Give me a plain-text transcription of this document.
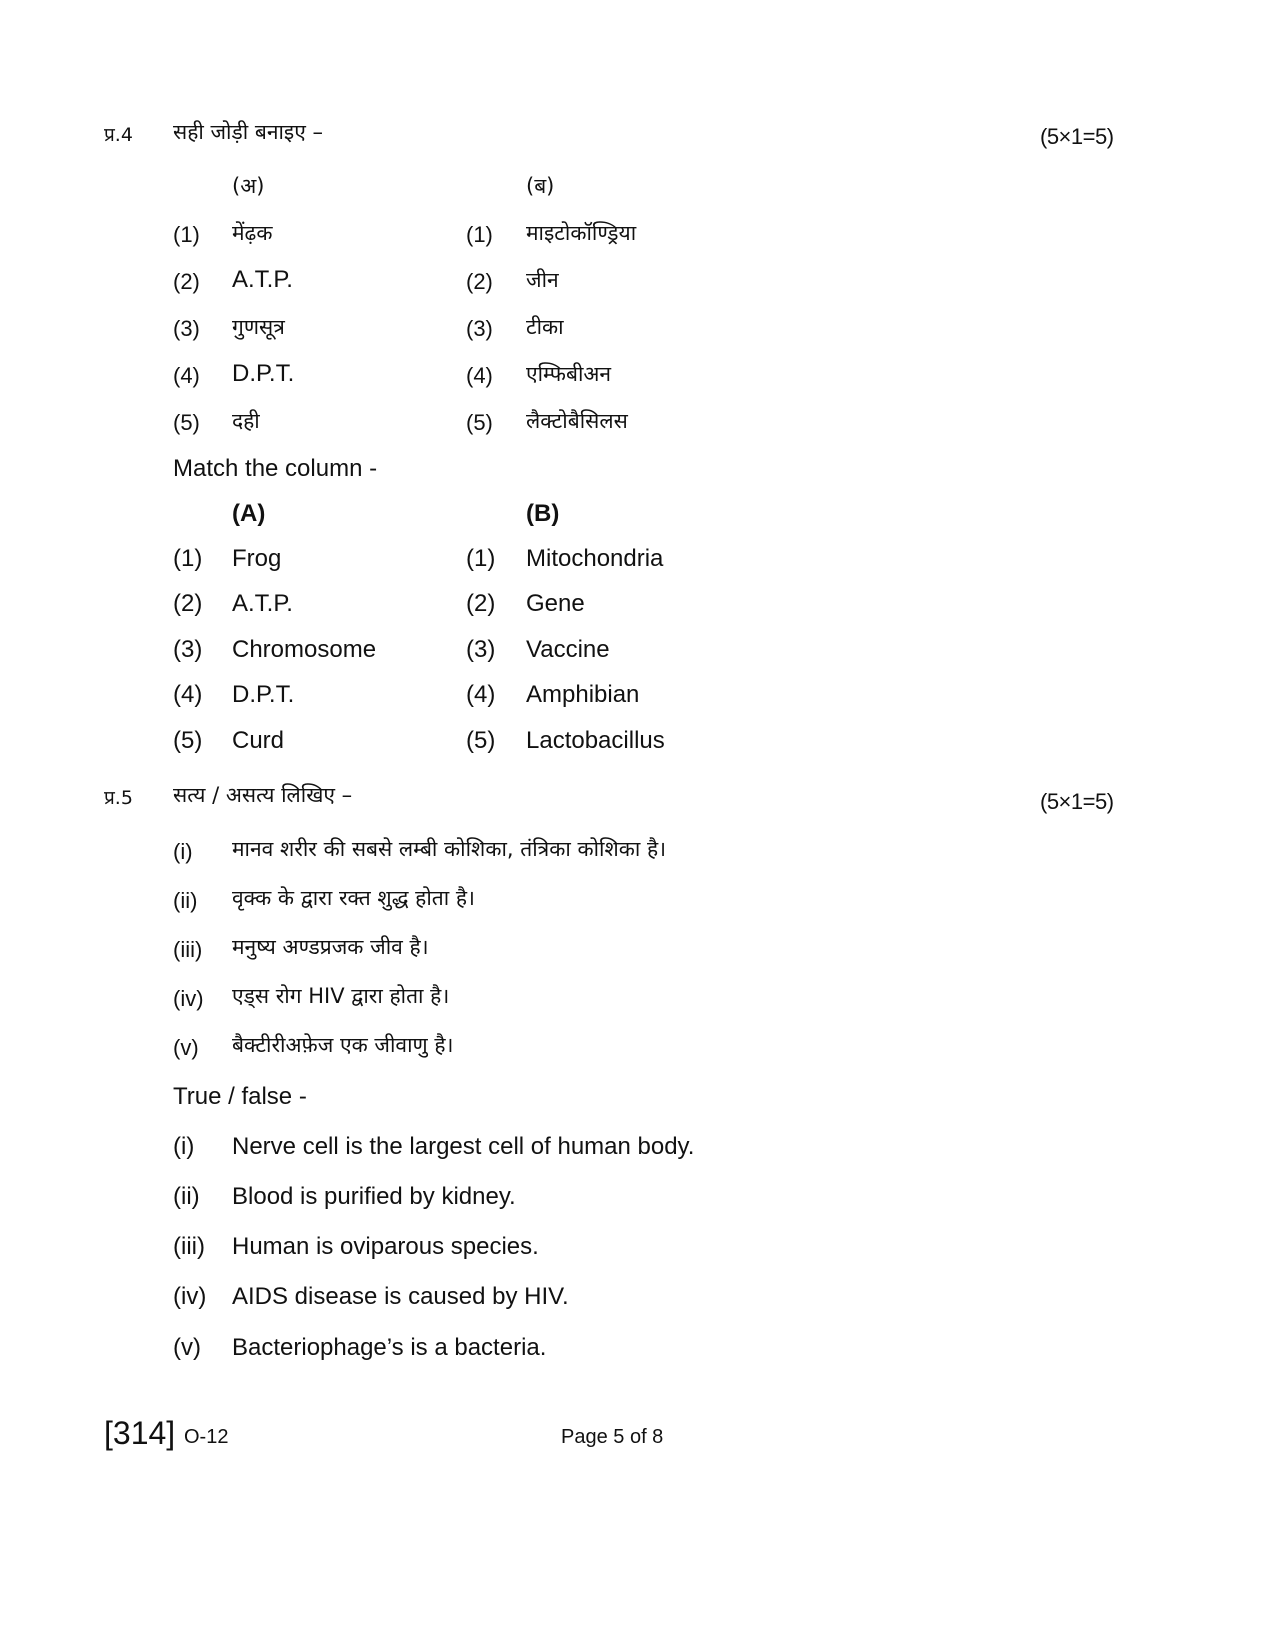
प्र.4 सही जोड़ी बनाइए –	(5×1=5)
(अ)	(ब)
(1) मेंढ़क	(1) माइटोकॉण्ड्रिया
(2) A.T.P.	(2) जीन
(3) गुणसूत्र	(3) टीका
(4) D.P.T.	(4) एम्फिबीअन
(5) दही	(5) लैक्टोबैसिलस
Match the column -
(A)	(B)
(1) Frog	(1) Mitochondria
(2) A.T.P.	(2) Gene
(3) Chromosome	(3) Vaccine
(4) D.P.T.	(4) Amphibian
(5) Curd	(5) Lactobacillus
प्र.5 सत्य / असत्य लिखिए –	(5×1=5)
(i) मानव शरीर की सबसे लम्बी कोशिका, तंत्रिका कोशिका है।
(ii) वृक्क के द्वारा रक्त शुद्ध होता है।
(iii) मनुष्य अण्डप्रजक जीव है।
(iv) एड्स रोग HIV द्वारा होता है।
(v) बैक्टीरीअफ़ेज एक जीवाणु है।
True / false -
(i) Nerve cell is the largest cell of human body.
(ii) Blood is purified by kidney.
(iii) Human is oviparous species.
(iv) AIDS disease is caused by HIV.
(v) Bacteriophage’s is a bacteria.
[314] O-12	Page 5 of 8
